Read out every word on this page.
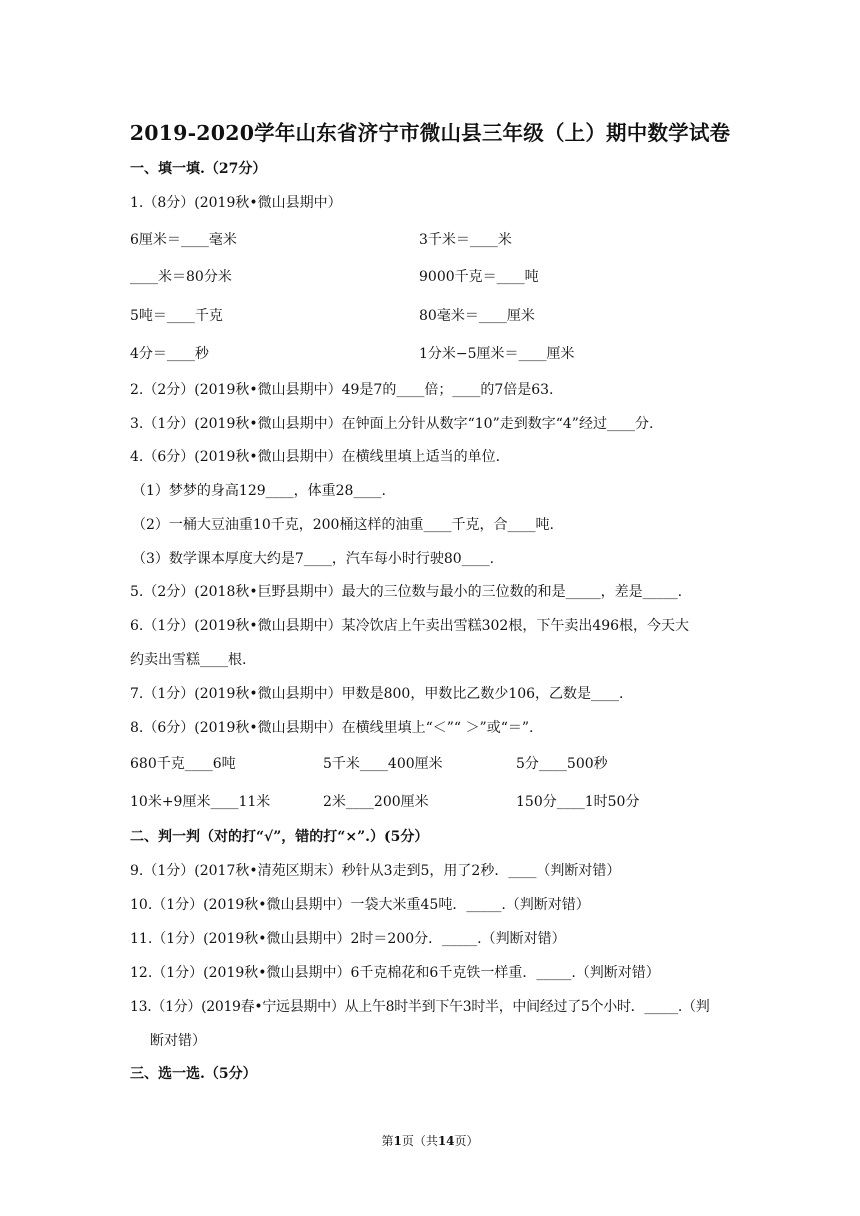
2019-2020学年山东省济宁市微山县三年级（上）期中数学试卷
一、填一填.（27分）
1.（8分）(2019秋•微山县期中）
6厘米＝____毫米	3千米＝____米
____米＝80分米	9000千克＝____吨
5吨＝____千克	80毫米＝____厘米
4分＝____秒	1分米−5厘米＝____厘米
2.（2分）(2019秋•微山县期中）49是7的____倍；____的7倍是63.
3.（1分）(2019秋•微山县期中）在钟面上分针从数字“10”走到数字“4”经过____分.
4.（6分）(2019秋•微山县期中）在横线里填上适当的单位.
（1）梦梦的身高129____，体重28____.
（2）一桶大豆油重10千克，200桶这样的油重____千克，合____吨.
（3）数学课本厚度大约是7____，汽车每小时行驶80____.
5.（2分）(2018秋•巨野县期中）最大的三位数与最小的三位数的和是_____，差是_____.
6.（1分）(2019秋•微山县期中）某冷饮店上午卖出雪糕302根，下午卖出496根，今天大
约卖出雪糕____根.
7.（1分）(2019秋•微山县期中）甲数是800，甲数比乙数少106，乙数是____.
8.（6分）(2019秋•微山县期中）在横线里填上“＜”“ ＞”或“＝”.
680千克____6吨	5千米____400厘米	5分____500秒
10米+9厘米____11米	2米____200厘米	150分____1时50分
二、判一判（对的打“√”，错的打“×”.）(5分）
9.（1分）(2017秋•清苑区期末）秒针从3走到5，用了2秒．____（判断对错）
10.（1分）(2019秋•微山县期中）一袋大米重45吨．_____.（判断对错）
11.（1分）(2019秋•微山县期中）2时＝200分．_____.（判断对错）
12.（1分）(2019秋•微山县期中）6千克棉花和6千克铁一样重．_____.（判断对错）
13.（1分）(2019春•宁远县期中）从上午8时半到下午3时半，中间经过了5个小时．_____.（判
断对错）
三、选一选.（5分）
第1页（共14页）
